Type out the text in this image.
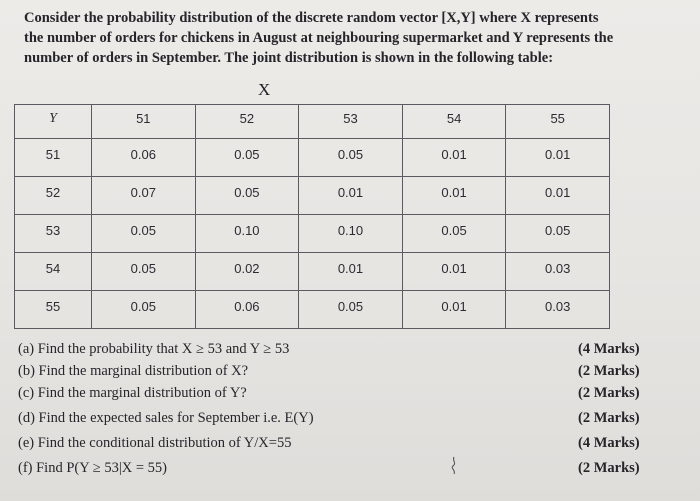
Consider the probability distribution of the discrete random vector [X,Y] where X represents

the number of orders for chickens in August at neighbouring supermarket and Y represents the

number of orders in September. The joint distribution is shown in the following table:

X
Y	51	52	53	54	55
51	0.06	0.05	0.05	0.01	0.01
52	0.07	0.05	0.01	0.01	0.01
53	0.05	0.10	0.10	0.05	0.05
54	0.05	0.02	0.01	0.01	0.03
55	0.05	0.06	0.05	0.01	0.03
(a) Find the probability that X ≥ 53 and Y ≥ 53
(b) Find the marginal distribution of X?
(c) Find the marginal distribution of Y?
(d) Find the expected sales for September i.e. E(Y)
(e) Find the conditional distribution of Y/X=55
(f) Find P(Y ≥ 53|X = 55)
(4 Marks)
(2 Marks)
(2 Marks)
(2 Marks)
(4 Marks)
(2 Marks)
